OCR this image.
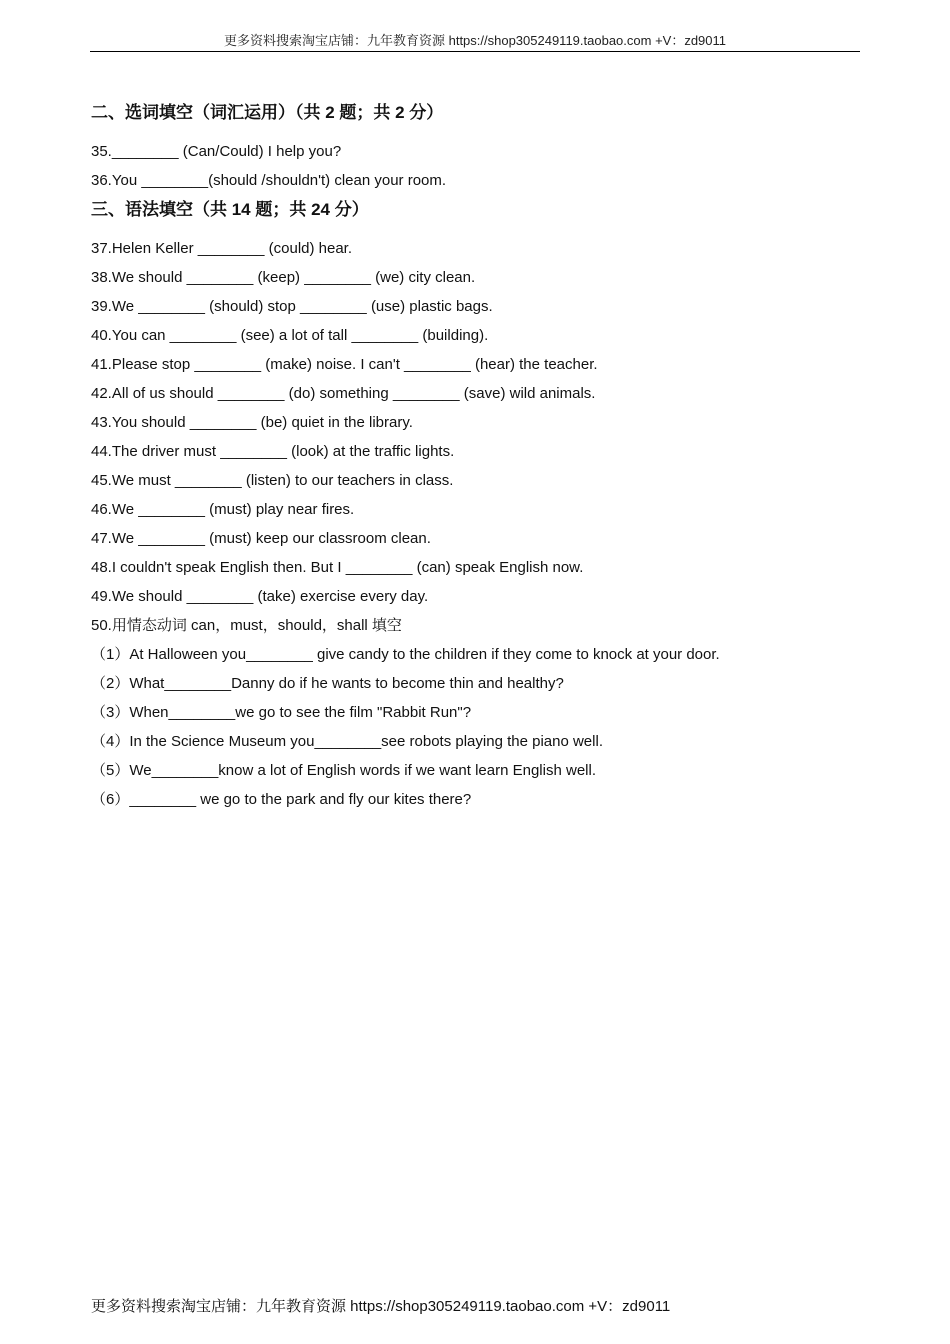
更多资料搜索淘宝店铺：九年教育资源 https://shop305249119.taobao.com +V：zd9011
二、选词填空（词汇运用）（共 2 题；共 2 分）
35.________ (Can/Could) I help you?
36.You ________(should /shouldn't) clean your room.
三、语法填空（共 14 题；共 24 分）
37.Helen Keller ________ (could) hear.
38.We should ________ (keep) ________ (we) city clean.
39.We ________ (should) stop ________ (use) plastic bags.
40.You can ________ (see) a lot of tall ________ (building).
41.Please stop ________ (make) noise. I can't ________ (hear) the teacher.
42.All of us should ________ (do) something ________ (save) wild animals.
43.You should ________ (be) quiet in the library.
44.The driver must ________ (look) at the traffic lights.
45.We must ________ (listen) to our teachers in class.
46.We ________ (must) play near fires.
47.We ________ (must) keep our classroom clean.
48.I couldn't speak English then. But I ________ (can) speak English now.
49.We should ________ (take) exercise every day.
50.用情态动词 can，must，should，shall 填空
（1）At Halloween you________ give candy to the children if they come to knock at your door.
（2）What________Danny do if he wants to become thin and healthy?
（3）When________we go to see the film "Rabbit Run"?
（4）In the Science Museum you________see robots playing the piano well.
（5）We________know a lot of English words if we want learn English well.
（6）________ we go to the park and fly our kites there?
更多资料搜索淘宝店铺：九年教育资源 https://shop305249119.taobao.com +V：zd9011
